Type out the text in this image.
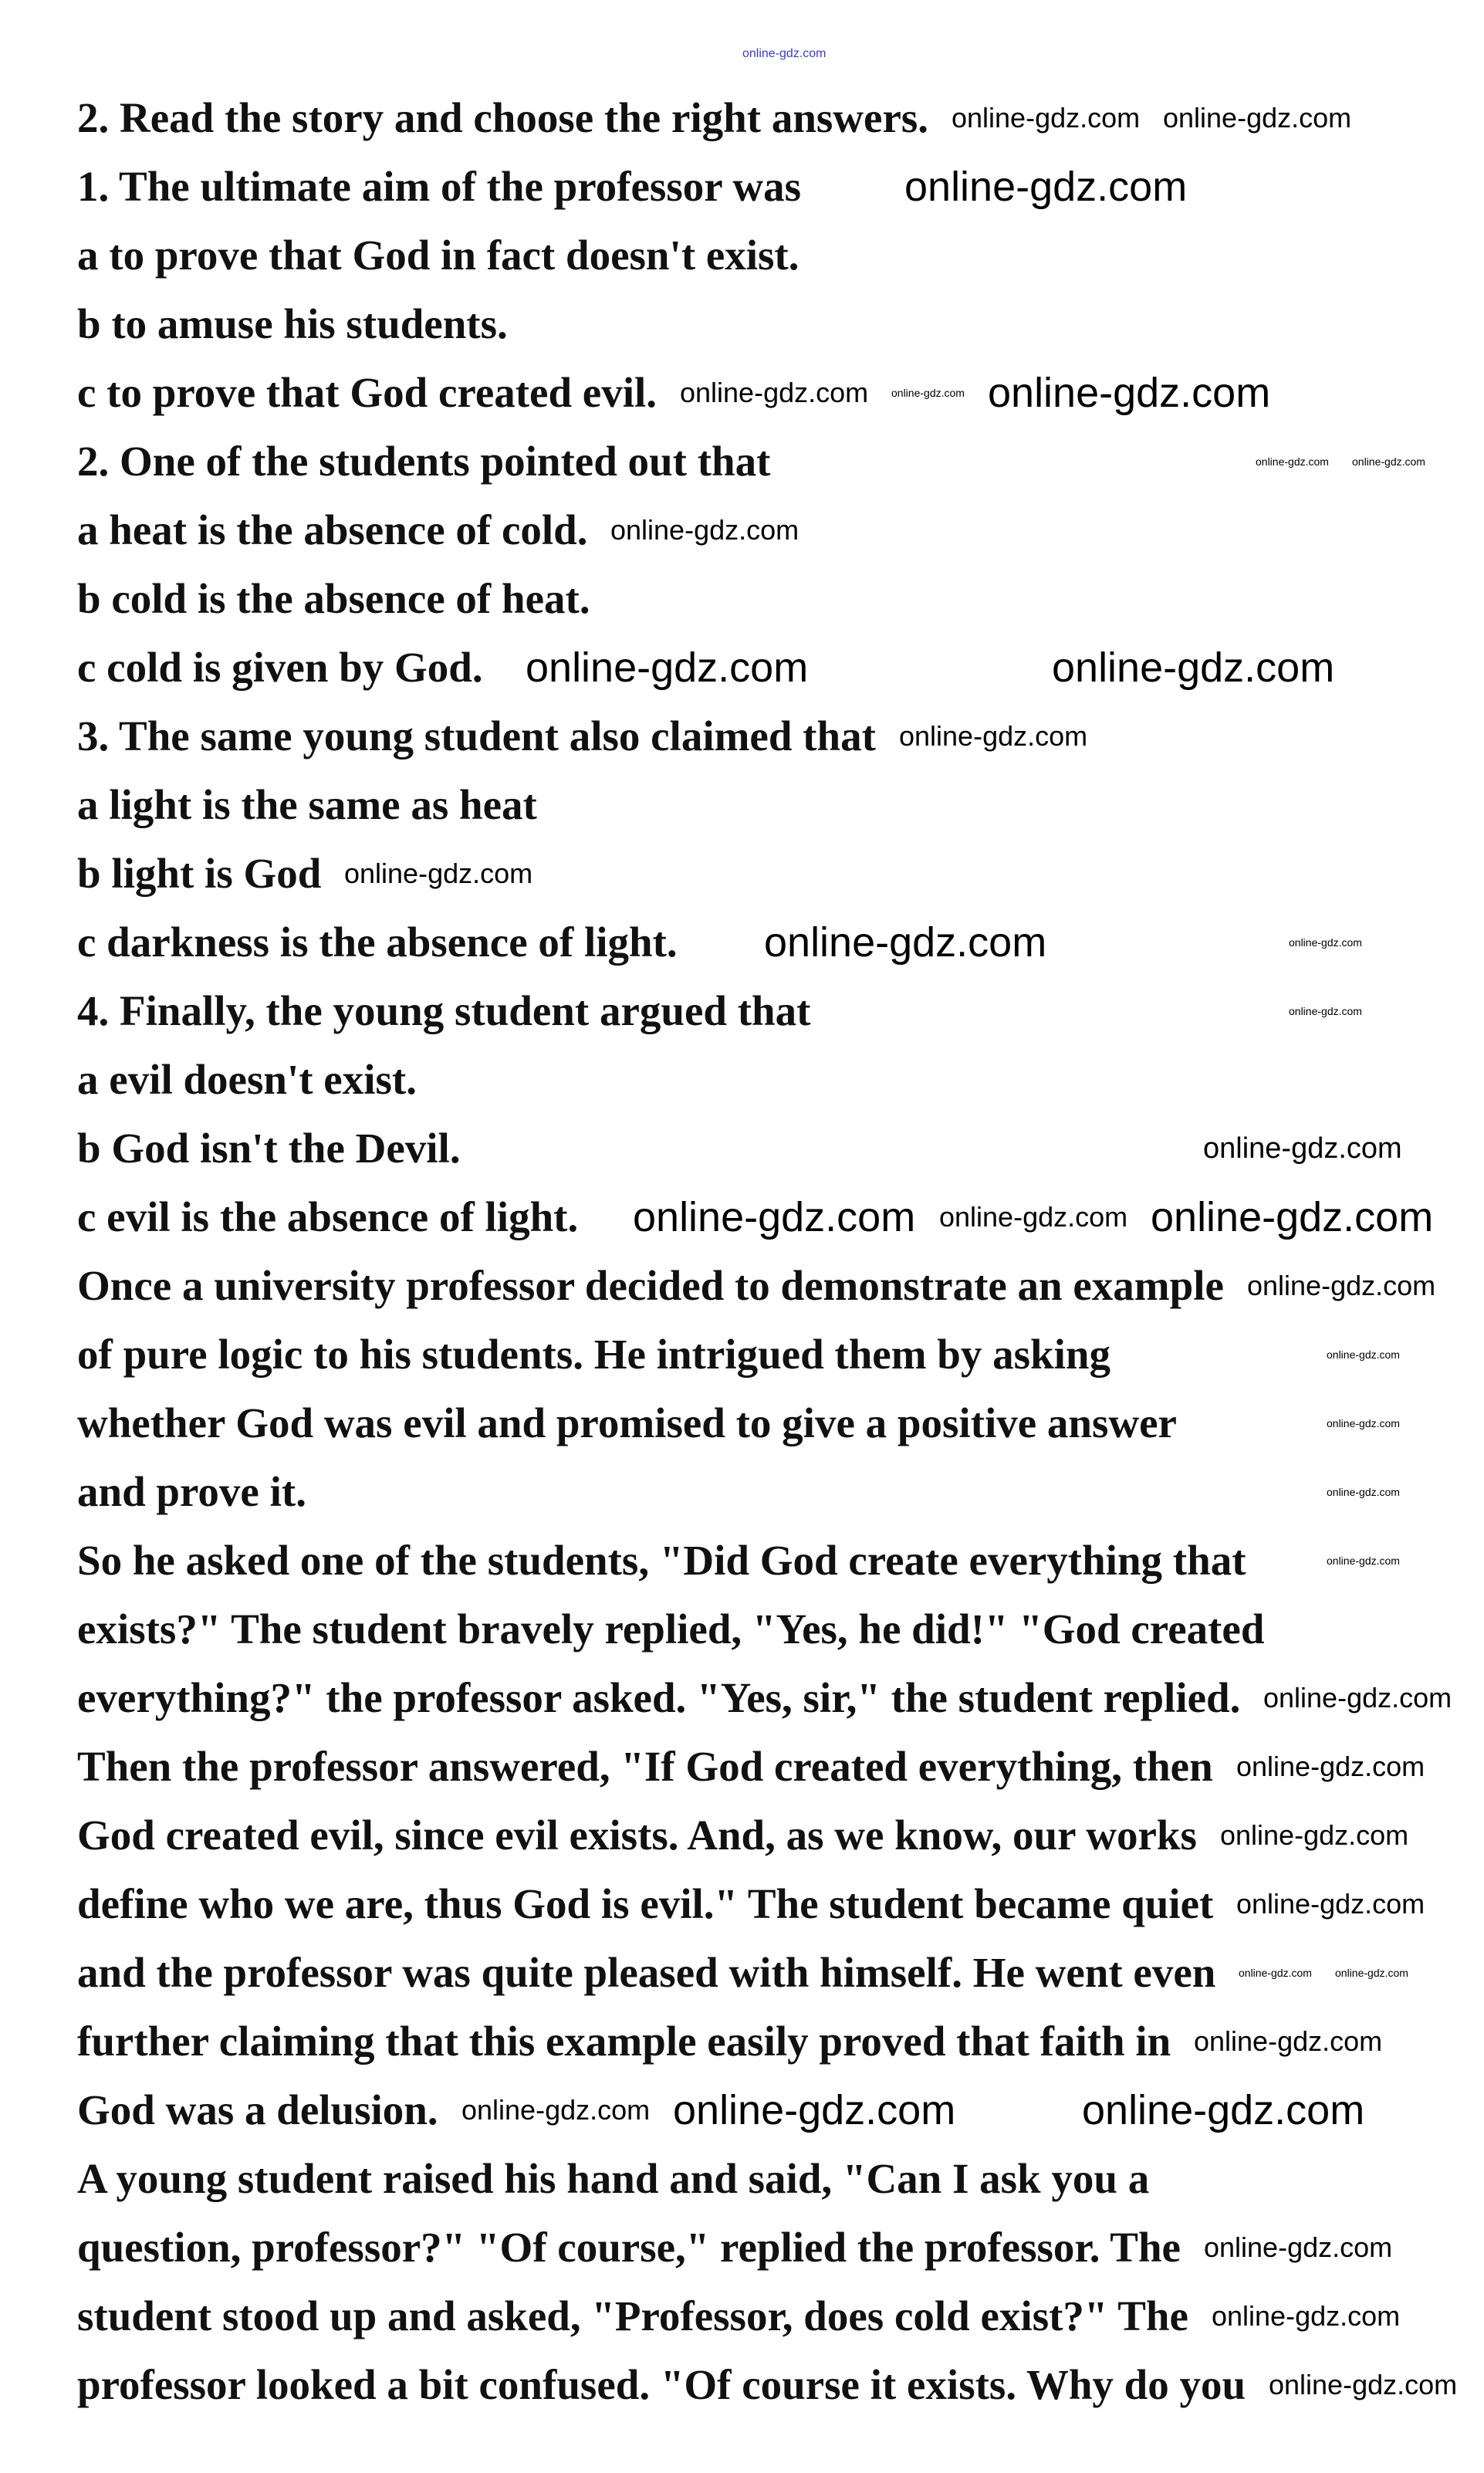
2. Read the story and choose the right answers.
1. The ultimate aim of the professor was
a to prove that God in fact doesn't exist.
b to amuse his students.
c to prove that God created evil.
2. One of the students pointed out that
a heat is the absence of cold.
b cold is the absence of heat.
c cold is given by God.
3. The same young student also claimed that
a light is the same as heat
b light is God
c darkness is the absence of light.
4. Finally, the young student argued that
a evil doesn't exist.
b God isn't the Devil.
c evil is the absence of light.
Once a university professor decided to demonstrate an example
of pure logic to his students. He intrigued them by asking
whether God was evil and promised to give a positive answer
and prove it.
So he asked one of the students, "Did God create everything that
exists?" The student bravely replied, "Yes, he did!" "God created
everything?" the professor asked. "Yes, sir," the student replied.
Then the professor answered, "If God created everything, then
God created evil, since evil exists. And, as we know, our works
define who we are, thus God is evil." The student became quiet
and the professor was quite pleased with himself. He went even
further claiming that this example easily proved that faith in
God was a delusion.
A young student raised his hand and said, "Can I ask you a
question, professor?" "Of course," replied the professor. The
student stood up and asked, "Professor, does cold exist?" The
professor looked a bit confused. "Of course it exists. Why do you
online-gdz.com
online-gdz.com online-gdz.com
online-gdz.com
online-gdz.com online-gdz.com online-gdz.com
online-gdz.com online-gdz.com
online-gdz.com
online-gdz.com	online-gdz.com
online-gdz.com
online-gdz.com	online-gdz.com
online-gdz.com
online-gdz.com
online-gdz.com
online-gdz.com
online-gdz.com
online-gdz.com
online-gdz.com
online-gdz.com
online-gdz.com
online-gdz.com
online-gdz.com
online-gdz.com
online-gdz.com
online-gdz.com
online-gdz.com
online-gdz.com
online-gdz.com
online-gdz.com
online-gdz.com online-gdz.com	online-gdz.com
online-gdz.com
online-gdz.com
online-gdz.com
